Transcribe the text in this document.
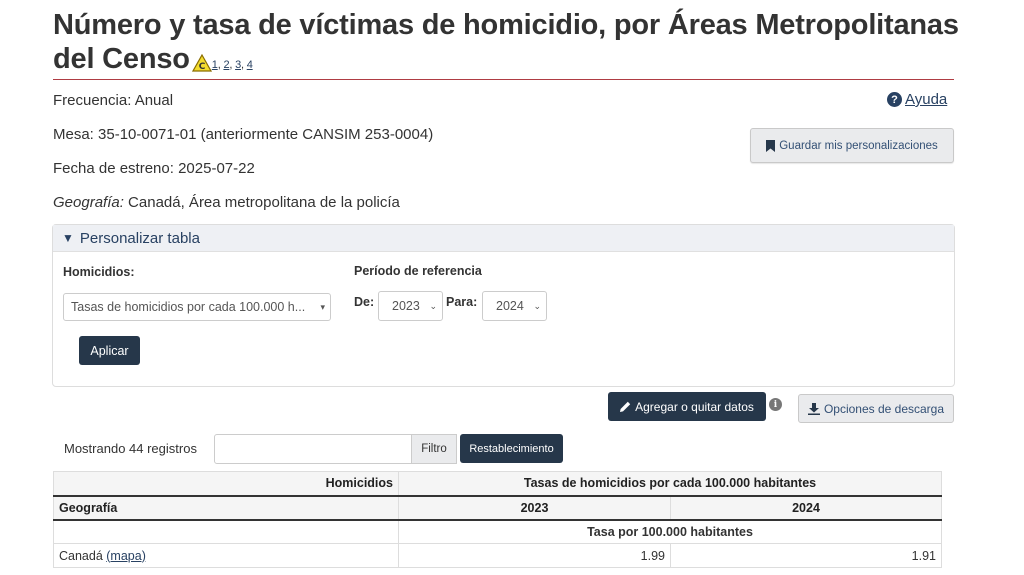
Número y tasa de víctimas de homicidio, por Áreas Metropolitanas
del Censo C $^{1, 2, 3, 4}$
Frecuencia: Anual
Mesa: 35-10-0071-01 (anteriormente CANSIM 253-0004)
Fecha de estreno: 2025-07-22
Geografía: Canadá, Área metropolitana de la policía
? Ayuda
Guardar mis personalizaciones
▼ Personalizar tabla
Homicidios:
Tasas de homicidios por cada 100.000 h... ▾
Período de referencia
De: 2023 ⌄ Para: 2024 ⌄
Aplicar
Agregar o quitar datos	i	Opciones de descarga
Mostrando 44 registros	Filtro	Restablecimiento
Homicidios	Tasas de homicidios por cada 100.000 habitantes	
Geografía	2023	2024
	Tasa por 100.000 habitantes	
Canadá (mapa)	1.99	1.91
